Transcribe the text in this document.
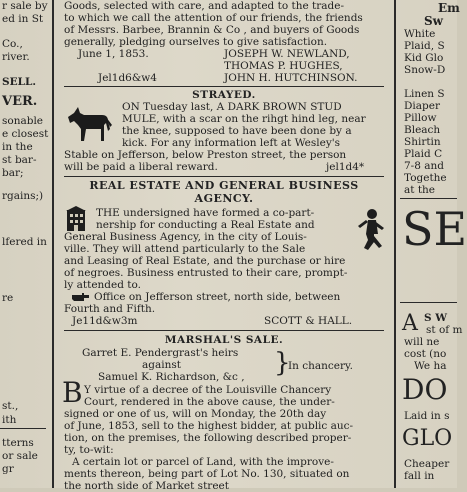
r sale by
ed in St
Co.,
river.
SELL.
VER.
sonable
e closest
in the
st bar-
bar;
rgains;)
lfered in
re
st.,
ith
tterns
or sale
gr
Goods, selected with care, and adapted to the trade-
to which we call the attention of our friends, the friends
of Messrs. Barbee, Brannin & Co , and buyers of Goods
generally, pledging ourselves to give satisfaction.
June 1, 1853.	JOSEPH W. NEWLAND,
THOMAS P. HUGHES,
JOHN H. HUTCHINSON.
Jel1d6&w4
STRAYED.
ON Tuesday last, A DARK BROWN STUD
MULE, with a scar on the rihgt hind leg, near
the knee, supposed to have been done by a
kick. For any information left at Wesley's
Stable on Jefferson, below Preston street, the person
will be paid a liberal reward.	jel1d4*
REAL ESTATE AND GENERAL BUSINESS
AGENCY.
THE undersigned have formed a co-part-
nership for conducting a Real Estate and
General Business Agency, in the city of Louis-
ville. They will attend particularly to the Sale
and Leasing of Real Estate, and the purchase or hire
of negroes. Business entrusted to their care, prompt-
ly attended to.
Office on Jefferson street, north side, between
Fourth and Fifth.
Je11d&w3m	SCOTT & HALL.
MARSHAL'S SALE.
Garret E. Pendergrast's heirs
against
Samuel K. Richardson, &c , }
In chancery.
B Y virtue of a decree of the Louisville Chancery
Court, rendered in the above cause, the under-
signed or one of us, will on Monday, the 20th day
of June, 1853, sell to the highest bidder, at public auc-
tion, on the premises, the following described proper-
ty, to-wit:
A certain lot or parcel of Land, with the improve-
ments thereon, being part of Lot No. 130, situated on
the north side of Market street
Em
Sw
White
Plaid, S
Kid Glo
Snow-D
Linen S
Diaper
Pillow
Bleach
Shirtin
Plaid C
7-8 and
Togethe
at the
SE
A S W
st of m
will ne
cost (no
We ha
DO
Laid in s
GLO
Cheaper
fall in
